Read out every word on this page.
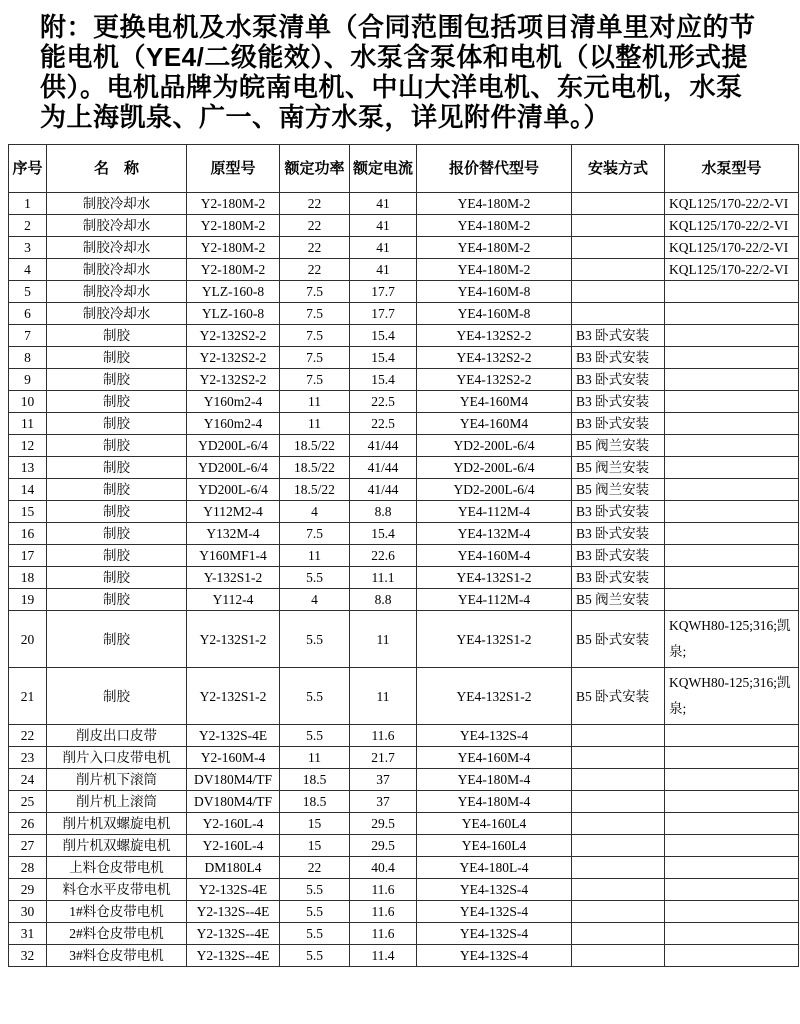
附：更换电机及水泵清单（合同范围包括项目清单里对应的节
能电机（YE4/二级能效）、水泵含泵体和电机（以整机形式提
供）。电机品牌为皖南电机、中山大洋电机、东元电机，水泵
为上海凯泉、广一、南方水泵，详见附件清单。）
序号	名　称	原型号	额定功率	额定电流	报价替代型号	安装方式	水泵型号
1	制胶冷却水	Y2-180M-2	22	41	YE4-180M-2		KQL125/170-22/2-VI
2	制胶冷却水	Y2-180M-2	22	41	YE4-180M-2		KQL125/170-22/2-VI
3	制胶冷却水	Y2-180M-2	22	41	YE4-180M-2		KQL125/170-22/2-VI
4	制胶冷却水	Y2-180M-2	22	41	YE4-180M-2		KQL125/170-22/2-VI
5	制胶冷却水	YLZ-160-8	7.5	17.7	YE4-160M-8		
6	制胶冷却水	YLZ-160-8	7.5	17.7	YE4-160M-8		
7	制胶	Y2-132S2-2	7.5	15.4	YE4-132S2-2	B3 卧式安装	
8	制胶	Y2-132S2-2	7.5	15.4	YE4-132S2-2	B3 卧式安装	
9	制胶	Y2-132S2-2	7.5	15.4	YE4-132S2-2	B3 卧式安装	
10	制胶	Y160m2-4	11	22.5	YE4-160M4	B3 卧式安装	
11	制胶	Y160m2-4	11	22.5	YE4-160M4	B3 卧式安装	
12	制胶	YD200L-6/4	18.5/22	41/44	YD2-200L-6/4	B5 阀兰安装	
13	制胶	YD200L-6/4	18.5/22	41/44	YD2-200L-6/4	B5 阀兰安装	
14	制胶	YD200L-6/4	18.5/22	41/44	YD2-200L-6/4	B5 阀兰安装	
15	制胶	Y112M2-4	4	8.8	YE4-112M-4	B3 卧式安装	
16	制胶	Y132M-4	7.5	15.4	YE4-132M-4	B3 卧式安装	
17	制胶	Y160MF1-4	11	22.6	YE4-160M-4	B3 卧式安装	
18	制胶	Y-132S1-2	5.5	11.1	YE4-132S1-2	B3 卧式安装	
19	制胶	Y112-4	4	8.8	YE4-112M-4	B5 阀兰安装	
20	制胶	Y2-132S1-2	5.5	11	YE4-132S1-2	B5 卧式安装	KQWH80-125;316;凯泉;
21	制胶	Y2-132S1-2	5.5	11	YE4-132S1-2	B5 卧式安装	KQWH80-125;316;凯泉;
22	削皮出口皮带	Y2-132S-4E	5.5	11.6	YE4-132S-4		
23	削片入口皮带电机	Y2-160M-4	11	21.7	YE4-160M-4		
24	削片机下滚筒	DV180M4/TF	18.5	37	YE4-180M-4		
25	削片机上滚筒	DV180M4/TF	18.5	37	YE4-180M-4		
26	削片机双螺旋电机	Y2-160L-4	15	29.5	YE4-160L4		
27	削片机双螺旋电机	Y2-160L-4	15	29.5	YE4-160L4		
28	上料仓皮带电机	DM180L4	22	40.4	YE4-180L-4		
29	料仓水平皮带电机	Y2-132S-4E	5.5	11.6	YE4-132S-4		
30	1#料仓皮带电机	Y2-132S--4E	5.5	11.6	YE4-132S-4		
31	2#料仓皮带电机	Y2-132S--4E	5.5	11.6	YE4-132S-4		
32	3#料仓皮带电机	Y2-132S--4E	5.5	11.4	YE4-132S-4		
